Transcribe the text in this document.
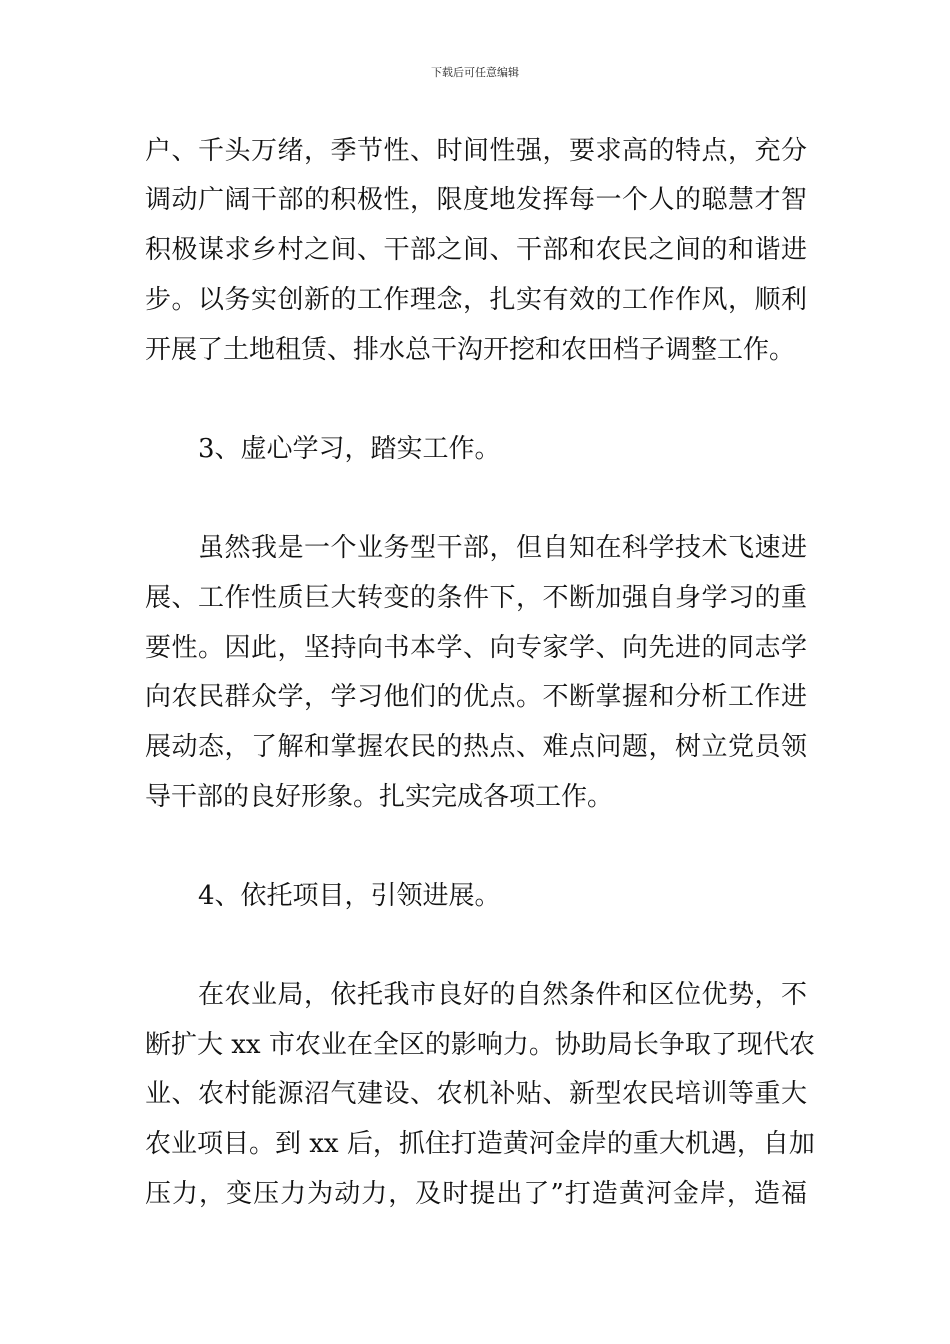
下载后可任意编辑
户、千头万绪，季节性、时间性强，要求高的特点，充分
调动广阔干部的积极性，限度地发挥每一个人的聪慧才智
积极谋求乡村之间、干部之间、干部和农民之间的和谐进
步。以务实创新的工作理念，扎实有效的工作作风，顺利
开展了土地租赁、排水总干沟开挖和农田档子调整工作。
3、虚心学习，踏实工作。
虽然我是一个业务型干部，但自知在科学技术飞速进
展、工作性质巨大转变的条件下，不断加强自身学习的重
要性。因此，坚持向书本学、向专家学、向先进的同志学
向农民群众学，学习他们的优点。不断掌握和分析工作进
展动态，了解和掌握农民的热点、难点问题，树立党员领
导干部的良好形象。扎实完成各项工作。
4、依托项目，引领进展。
在农业局，依托我市良好的自然条件和区位优势，不
断扩大 xx 市农业在全区的影响力。协助局长争取了现代农
业、农村能源沼气建设、农机补贴、新型农民培训等重大
农业项目。到 xx 后，抓住打造黄河金岸的重大机遇，自加
压力，变压力为动力，及时提出了”打造黄河金岸，造福
